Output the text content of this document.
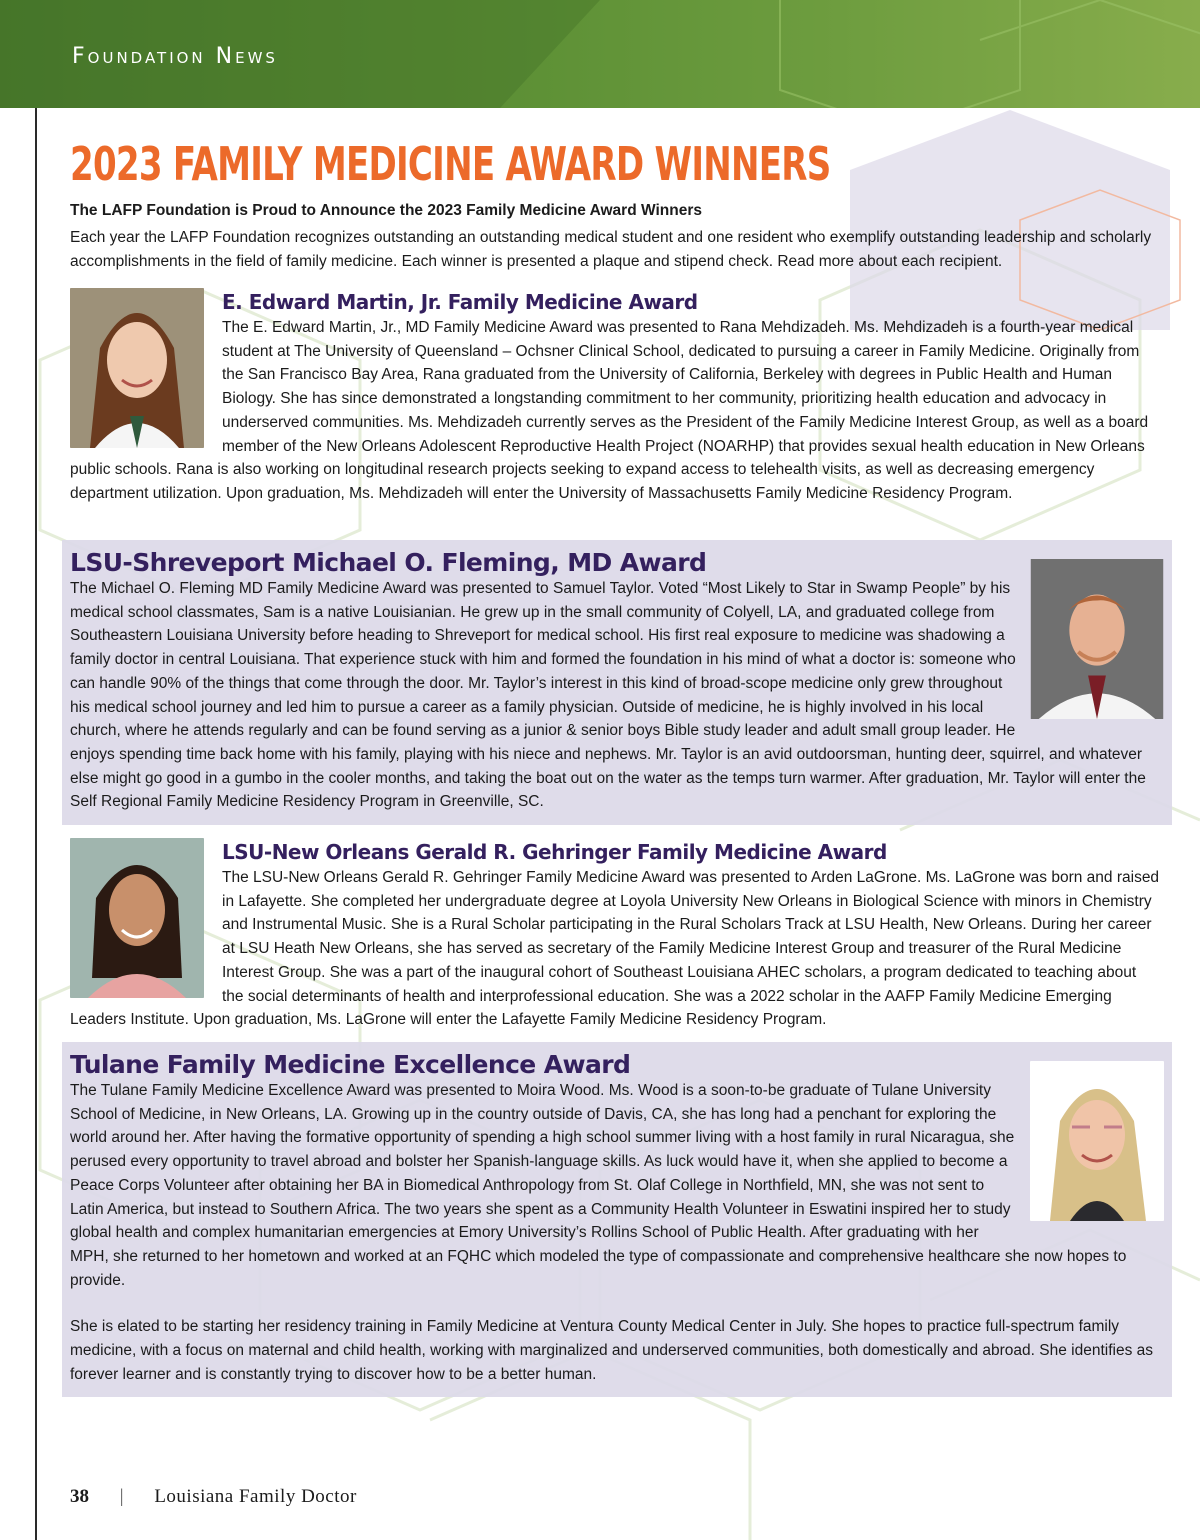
Foundation News
2023 FAMILY MEDICINE AWARD WINNERS
The LAFP Foundation is Proud to Announce the 2023 Family Medicine Award Winners
Each year the LAFP Foundation recognizes outstanding an outstanding medical student and one resident who exemplify outstanding leadership and scholarly accomplishments in the field of family medicine. Each winner is presented a plaque and stipend check. Read more about each recipient.
E. Edward Martin, Jr. Family Medicine Award

The E. Edward Martin, Jr., MD Family Medicine Award was presented to Rana Mehdizadeh. Ms. Mehdizadeh is a fourth-year medical student at The University of Queensland – Ochsner Clinical School, dedicated to pursuing a career in Family Medicine. Originally from the San Francisco Bay Area, Rana graduated from the University of California, Berkeley with degrees in Public Health and Human Biology. She has since demonstrated a longstanding commitment to her community, prioritizing health education and advocacy in underserved communities. Ms. Mehdizadeh currently serves as the President of the Family Medicine Interest Group, as well as a board member of the New Orleans Adolescent Reproductive Health Project (NOARHP) that provides sexual health education in New Orleans public schools. Rana is also working on longitudinal research projects seeking to expand access to telehealth visits, as well as decreasing emergency department utilization. Upon graduation, Ms. Mehdizadeh will enter the University of Massachusetts Family Medicine Residency Program.

LSU-Shreveport Michael O. Fleming, MD Award

The Michael O. Fleming MD Family Medicine Award was presented to Samuel Taylor. Voted “Most Likely to Star in Swamp People” by his medical school classmates, Sam is a native Louisianian. He grew up in the small community of Colyell, LA, and graduated college from Southeastern Louisiana University before heading to Shreveport for medical school. His first real exposure to medicine was shadowing a family doctor in central Louisiana. That experience stuck with him and formed the foundation in his mind of what a doctor is: someone who can handle 90% of the things that come through the door. Mr. Taylor’s interest in this kind of broad-scope medicine only grew throughout his medical school journey and led him to pursue a career as a family physician. Outside of medicine, he is highly involved in his local church, where he attends regularly and can be found serving as a junior & senior boys Bible study leader and adult small group leader. He enjoys spending time back home with his family, playing with his niece and nephews. Mr. Taylor is an avid outdoorsman, hunting deer, squirrel, and whatever else might go good in a gumbo in the cooler months, and taking the boat out on the water as the temps turn warmer. After graduation, Mr. Taylor will enter the Self Regional Family Medicine Residency Program in Greenville, SC.

LSU-New Orleans Gerald R. Gehringer Family Medicine Award

The LSU-New Orleans Gerald R. Gehringer Family Medicine Award was presented to Arden LaGrone. Ms. LaGrone was born and raised in Lafayette. She completed her undergraduate degree at Loyola University New Orleans in Biological Science with minors in Chemistry and Instrumental Music. She is a Rural Scholar participating in the Rural Scholars Track at LSU Health, New Orleans. During her career at LSU Heath New Orleans, she has served as secretary of the Family Medicine Interest Group and treasurer of the Rural Medicine Interest Group. She was a part of the inaugural cohort of Southeast Louisiana AHEC scholars, a program dedicated to teaching about the social determinants of health and interprofessional education. She was a 2022 scholar in the AAFP Family Medicine Emerging Leaders Institute. Upon graduation, Ms. LaGrone will enter the Lafayette Family Medicine Residency Program.

Tulane Family Medicine Excellence Award

The Tulane Family Medicine Excellence Award was presented to Moira Wood. Ms. Wood is a soon-to-be graduate of Tulane University School of Medicine, in New Orleans, LA. Growing up in the country outside of Davis, CA, she has long had a penchant for exploring the world around her. After having the formative opportunity of spending a high school summer living with a host family in rural Nicaragua, she perused every opportunity to travel abroad and bolster her Spanish-language skills. As luck would have it, when she applied to become a Peace Corps Volunteer after obtaining her BA in Biomedical Anthropology from St. Olaf College in Northfield, MN, she was not sent to Latin America, but instead to Southern Africa. The two years she spent as a Community Health Volunteer in Eswatini inspired her to study global health and complex humanitarian emergencies at Emory University’s Rollins School of Public Health. After graduating with her MPH, she returned to her hometown and worked at an FQHC which modeled the type of compassionate and comprehensive healthcare she now hopes to provide.

She is elated to be starting her residency training in Family Medicine at Ventura County Medical Center in July. She hopes to practice full-spectrum family medicine, with a focus on maternal and child health, working with marginalized and underserved communities, both domestically and abroad. She identifies as forever learner and is constantly trying to discover how to be a better human.

38 | Louisiana Family Doctor
